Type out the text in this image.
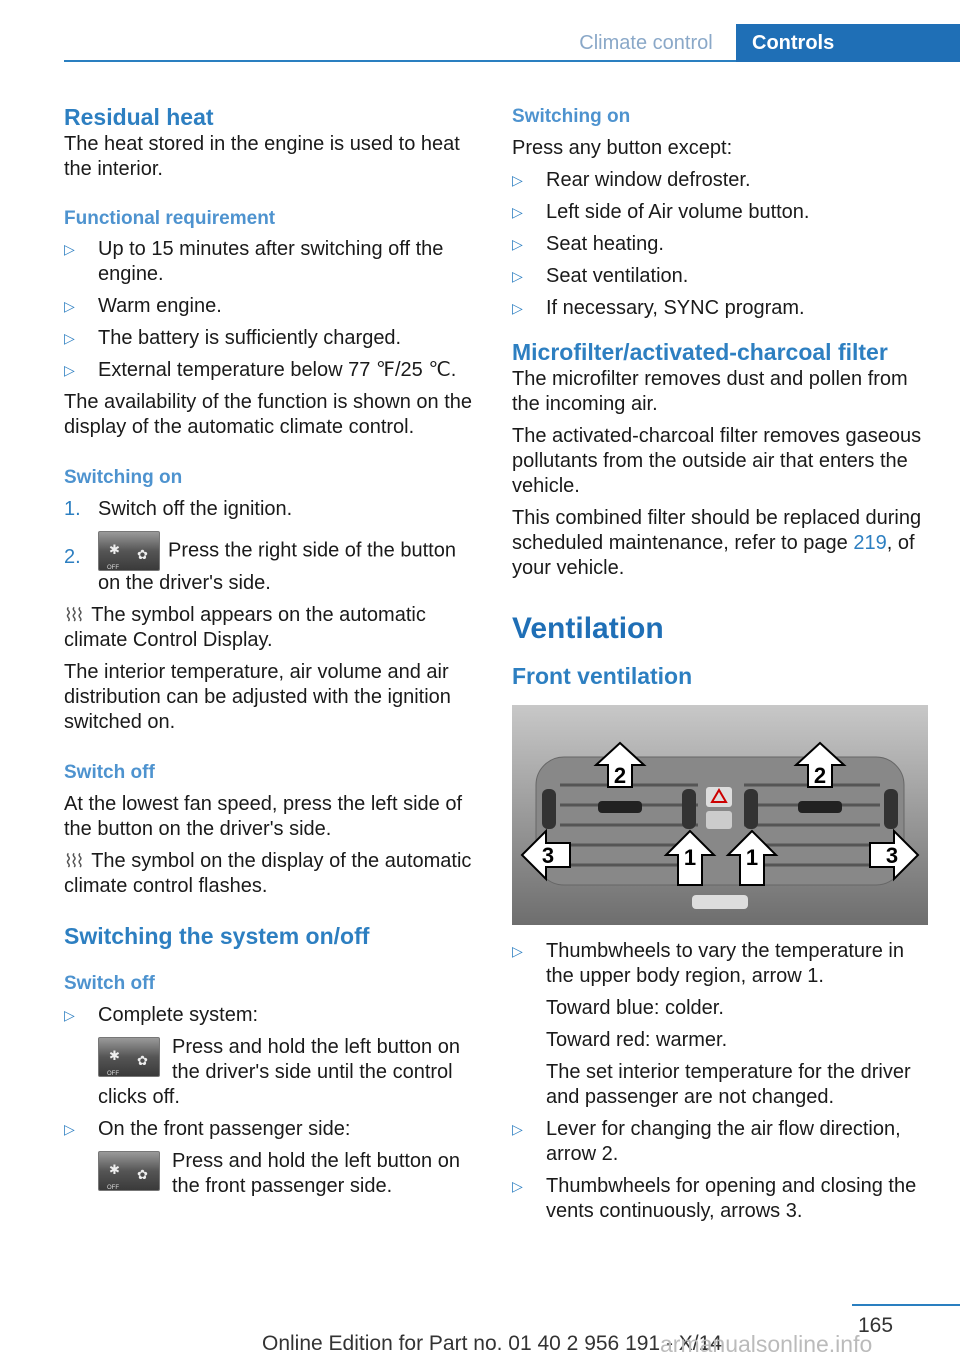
Climate control	Controls
Residual heat

The heat stored in the engine is used to heat the interior.

Functional requirement
▷ Up to 15 minutes after switching off the engine.
▷ Warm engine.
▷ The battery is sufficiently charged.
▷ External temperature below 77 ℉/25 ℃.

The availability of the function is shown on the display of the automatic climate control.

Switching on
1. Switch off the ignition.
2. ✱
OFF
✿ Press the right side of the button on the driver's side.

⌇⌇⌇ The symbol appears on the automatic climate Control Display.

The interior temperature, air volume and air distribution can be adjusted with the ignition switched on.

Switch off

At the lowest fan speed, press the left side of the button on the driver's side.

⌇⌇⌇ The symbol on the display of the automatic climate control flashes.

Switching the system on/off
Switch off
▷ Complete system:
✱
OFF
✿
Press and hold the left button on the driver's side until the control clicks off.
▷ On the front passenger side:
✱
OFF
✿
Press and hold the left button on the front passenger side.
Switching on

Press any button except:

▷ Rear window defroster.
▷ Left side of Air volume button.
▷ Seat heating.
▷ Seat ventilation.
▷ If necessary, SYNC program.
Microfilter/activated-charcoal filter

The microfilter removes dust and pollen from the incoming air.

The activated-charcoal filter removes gaseous pollutants from the outside air that enters the vehicle.

This combined filter should be replaced during scheduled maintenance, refer to page 219, of your vehicle.

Ventilation
Front ventilation
2	2
1 1
3	3
▷ Thumbwheels to vary the temperature in the upper body region, arrow 1.
Toward blue: colder.
Toward red: warmer.
The set interior temperature for the driver and passenger are not changed.
▷ Lever for changing the air flow direction, arrow 2.
▷ Thumbwheels for opening and closing the vents continuously, arrows 3.
165
Online Edition for Part no. 01 40 2 956 191 - X/14
armanualsonline.info
